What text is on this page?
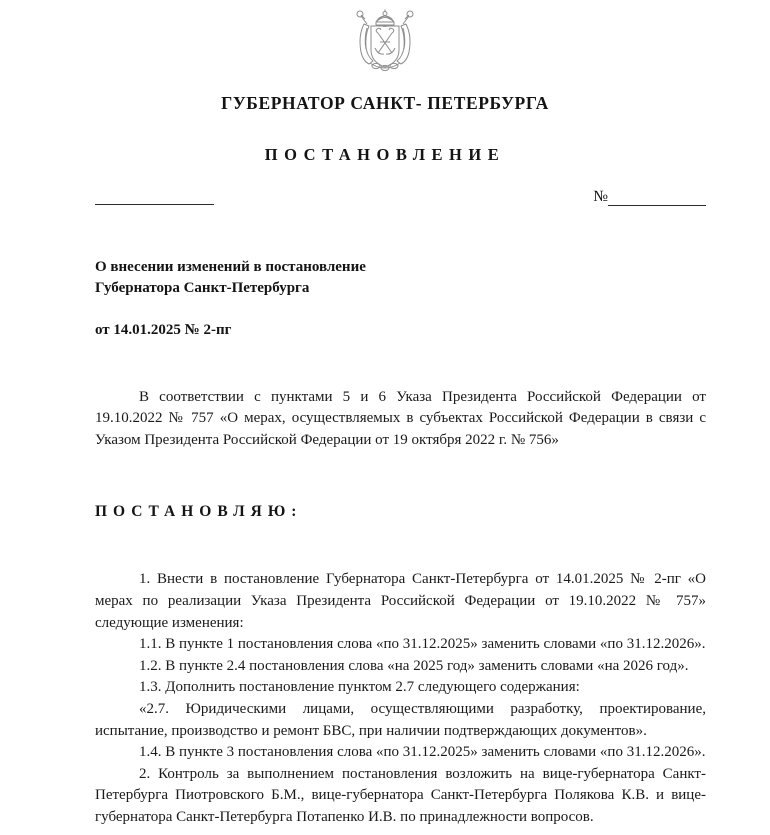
ГУБЕРНАТОР САНКТ- ПЕТЕРБУРГА
ПОСТАНОВЛЕНИЕ
№
О внесении изменений в постановление
Губернатора Санкт-Петербурга
от 14.01.2025 № 2-пг

В соответствии с пунктами 5 и 6 Указа Президента Российской Федерации от 19.10.2022 № 757 «О мерах, осуществляемых в субъектах Российской Федерации в связи с Указом Президента Российской Федерации от 19 октября 2022 г. № 756»

ПОСТАНОВЛЯЮ:

1. Внести в постановление Губернатора Санкт-Петербурга от 14.01.2025 № 2-пг «О мерах по реализации Указа Президента Российской Федерации от 19.10.2022 № 757» следующие изменения:

1.1. В пункте 1 постановления слова «по 31.12.2025» заменить словами «по 31.12.2026».

1.2. В пункте 2.4 постановления слова «на 2025 год» заменить словами «на 2026 год».

1.3. Дополнить постановление пунктом 2.7 следующего содержания:

«2.7. Юридическими лицами, осуществляющими разработку, проектирование, испытание, производство и ремонт БВС, при наличии подтверждающих документов».

1.4. В пункте 3 постановления слова «по 31.12.2025» заменить словами «по 31.12.2026».

2. Контроль за выполнением постановления возложить на вице-губернатора Санкт-Петербурга Пиотровского Б.М., вице-губернатора Санкт-Петербурга Полякова К.В. и вице-губернатора Санкт-Петербурга Потапенко И.В. по принадлежности вопросов.
